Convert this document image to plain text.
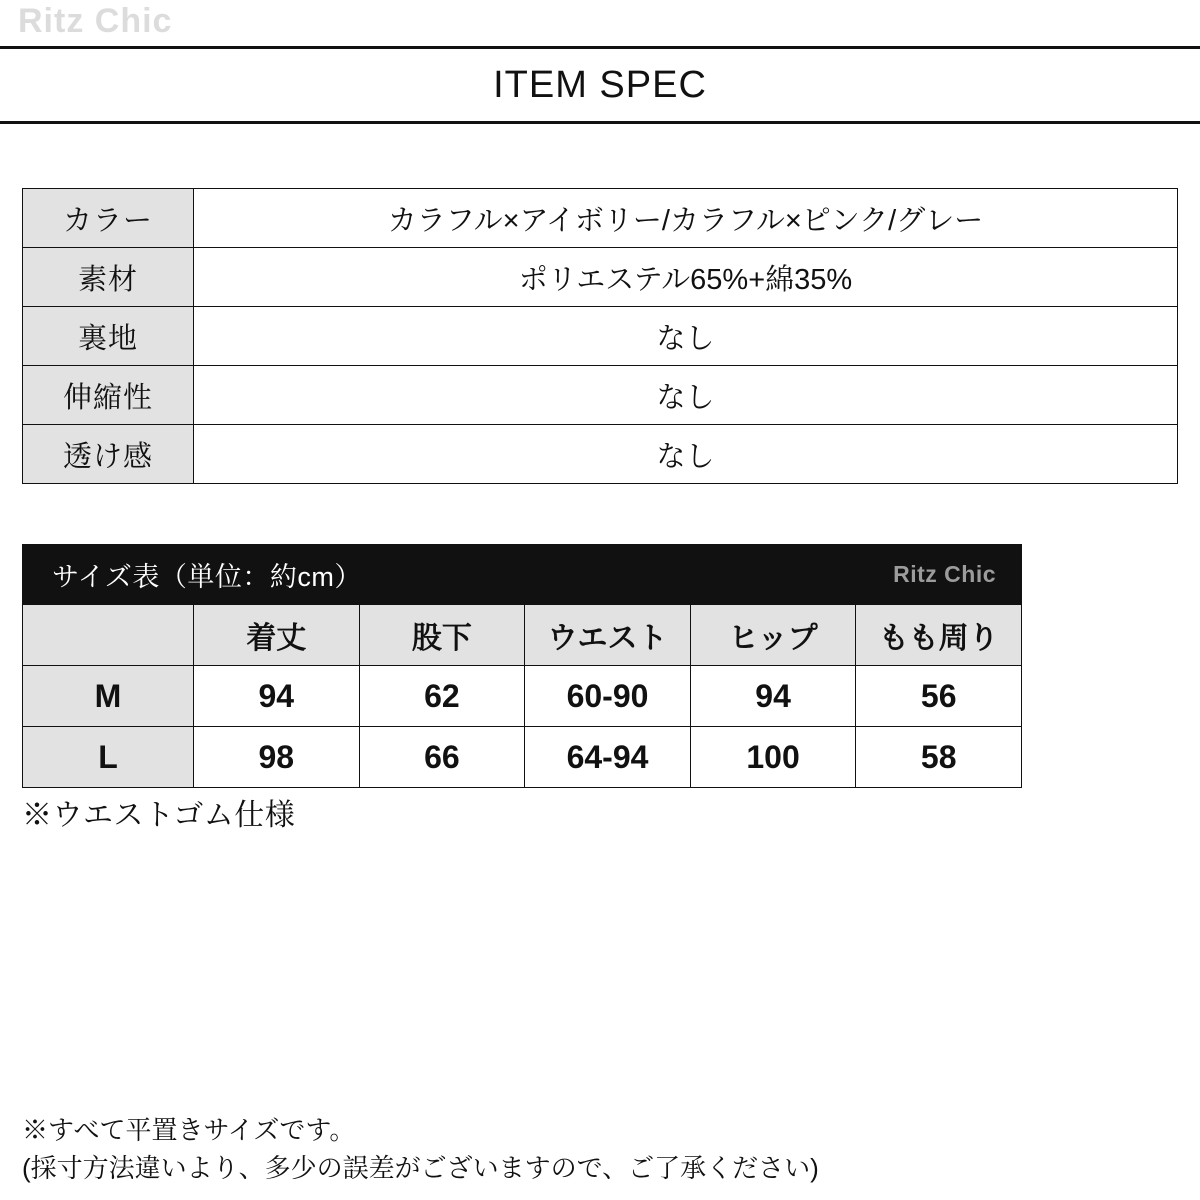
Ritz Chic
ITEM SPEC
カラー	カラフル×アイボリー/カラフル×ピンク/グレー
素材	ポリエステル65%+綿35%
裏地	なし
伸縮性	なし
透け感	なし
サイズ表（単位：約cm）	Ritz Chic
	着丈	股下	ウエスト	ヒップ	もも周り
M	94	62	60-90	94	56
L	98	66	64-94	100	58
※ウエストゴム仕様
※すべて平置きサイズです。
(採寸方法違いより、多少の誤差がございますので、ご了承ください)
